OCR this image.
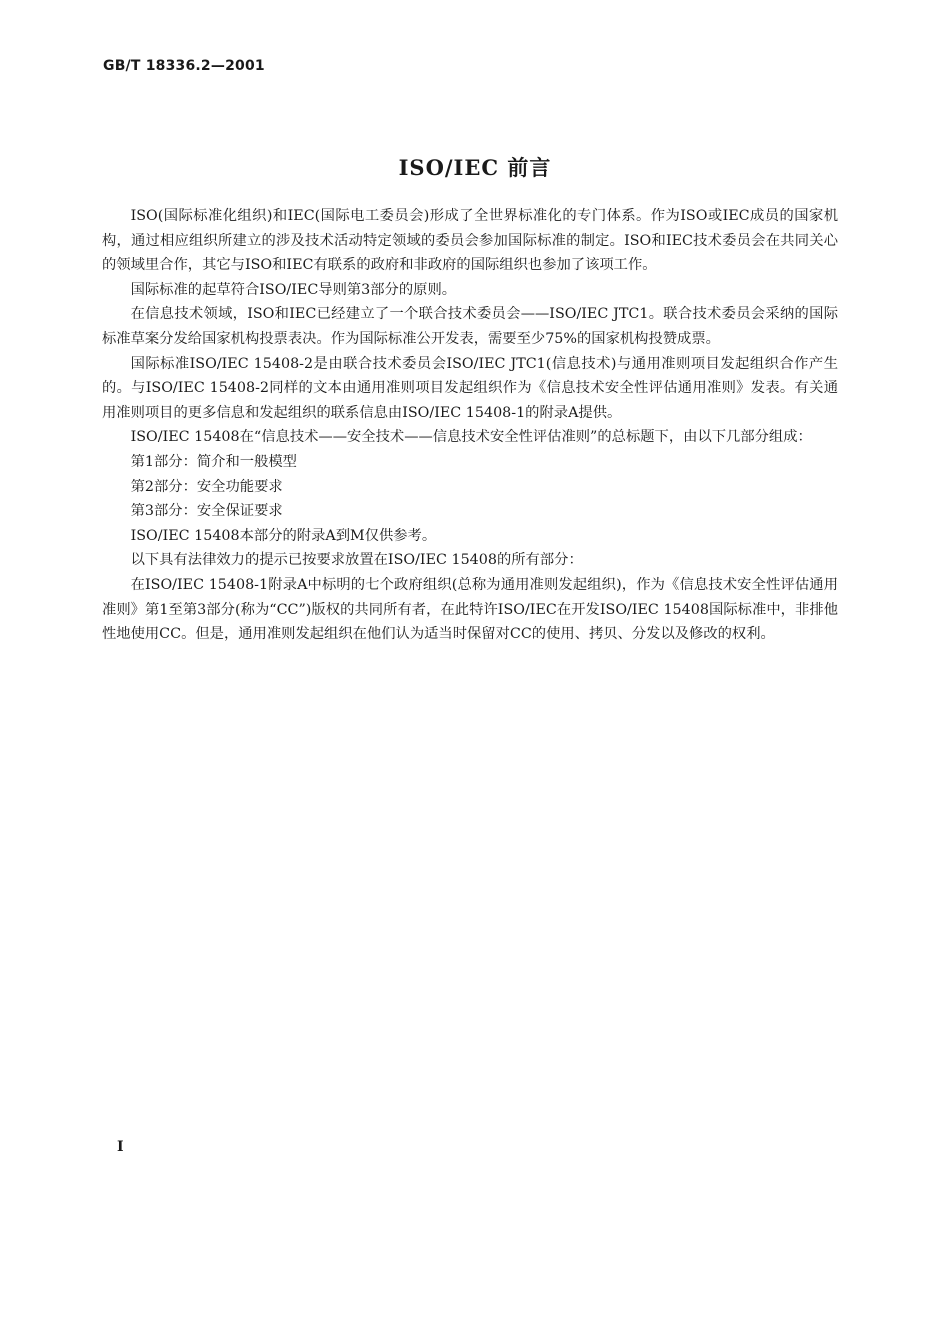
GB/T 18336.2—2001
ISO/IEC 前言

ISO(国际标准化组织)和IEC(国际电工委员会)形成了全世界标准化的专门体系。作为ISO或IEC成员的国家机构，通过相应组织所建立的涉及技术活动特定领域的委员会参加国际标准的制定。ISO和IEC技术委员会在共同关心的领域里合作，其它与ISO和IEC有联系的政府和非政府的国际组织也参加了该项工作。

国际标准的起草符合ISO/IEC导则第3部分的原则。

在信息技术领域，ISO和IEC已经建立了一个联合技术委员会——ISO/IEC JTC1。联合技术委员会采纳的国际标准草案分发给国家机构投票表决。作为国际标准公开发表，需要至少75%的国家机构投赞成票。

国际标准ISO/IEC 15408-2是由联合技术委员会ISO/IEC JTC1(信息技术)与通用准则项目发起组织合作产生的。与ISO/IEC 15408-2同样的文本由通用准则项目发起组织作为《信息技术安全性评估通用准则》发表。有关通用准则项目的更多信息和发起组织的联系信息由ISO/IEC 15408-1的附录A提供。

ISO/IEC 15408在“信息技术——安全技术——信息技术安全性评估准则”的总标题下，由以下几部分组成：

第1部分：简介和一般模型

第2部分：安全功能要求

第3部分：安全保证要求

ISO/IEC 15408本部分的附录A到M仅供参考。

以下具有法律效力的提示已按要求放置在ISO/IEC 15408的所有部分：

在ISO/IEC 15408-1附录A中标明的七个政府组织(总称为通用准则发起组织)，作为《信息技术安全性评估通用准则》第1至第3部分(称为“CC”)版权的共同所有者，在此特许ISO/IEC在开发ISO/IEC 15408国际标准中，非排他性地使用CC。但是，通用准则发起组织在他们认为适当时保留对CC的使用、拷贝、分发以及修改的权利。

I
